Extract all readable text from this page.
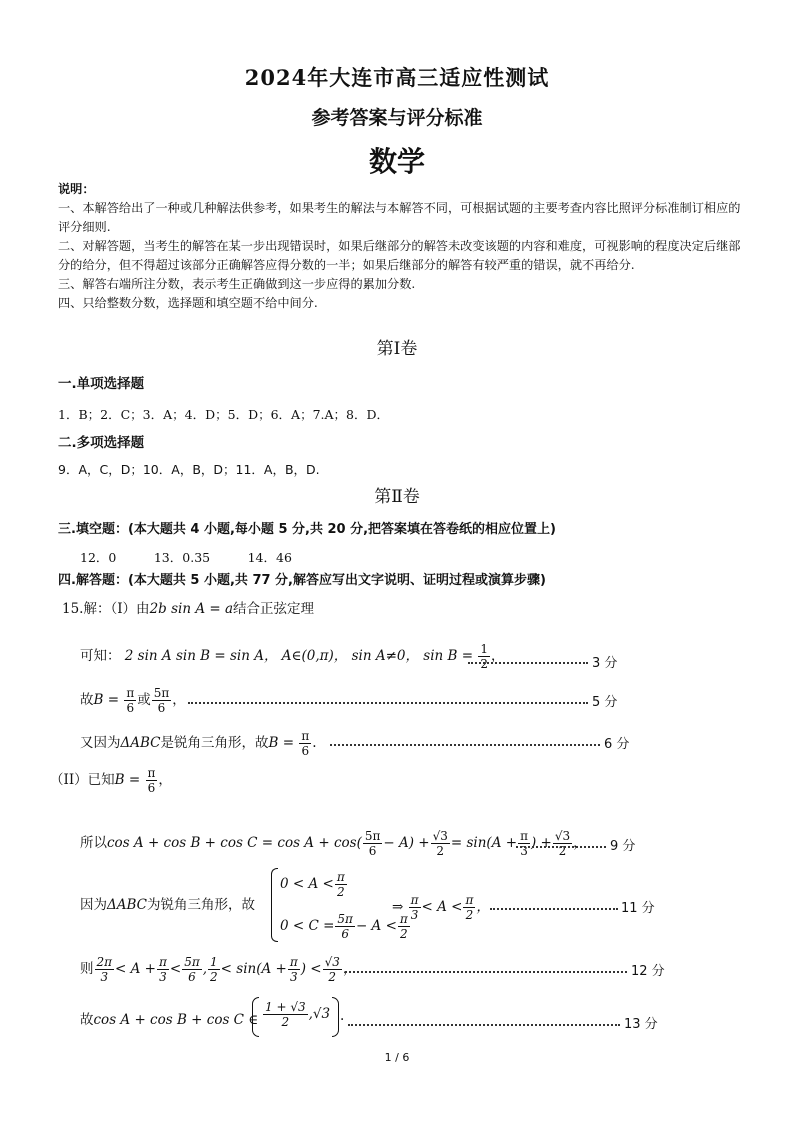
2024年大连市高三适应性测试
参考答案与评分标准
数学
说明：
一、本解答给出了一种或几种解法供参考，如果考生的解法与本解答不同，可根据试题的主要考查内容比照评分标准制订相应的评分细则.
二、对解答题，当考生的解答在某一步出现错误时，如果后继部分的解答未改变该题的内容和难度，可视影响的程度决定后继部分的给分，但不得超过该部分正确解答应得分数的一半；如果后继部分的解答有较严重的错误，就不再给分.
三、解答右端所注分数，表示考生正确做到这一步应得的累加分数.
四、只给整数分数，选择题和填空题不给中间分.
第Ⅰ卷
一.单项选择题
1．B；2．C；3．A；4．D；5．D；6．A；7.A；8．D．
二.多项选择题
9．A，C，D；10．A，B，D；11．A，B，D.
第Ⅱ卷
三.填空题：(本大题共 4 小题,每小题 5 分,共 20 分,把答案填在答卷纸的相应位置上)
12．0　　　13．0.35　　　14．46
四.解答题：(本大题共 5 小题,共 77 分,解答应写出文字说明、证明过程或演算步骤)
15.解：（I）由2b sin A = a结合正弦定理
可知： 2 sin A sin B = sin A， A∈(0,π)， sin A≠0， $\sin B = \frac{1}{2}$ ，	3 分
故$B = \frac{\pi}{6}$ 或 $\frac{5\pi}{6}$ ，	5 分
又因为ΔABC是锐角三角形，故$B = \frac{\pi}{6}$ .	6 分
（II）已知$B = \frac{\pi}{6}$ ，
所以$\cos A + \cos B + \cos C = \cos A + \cos( \frac{5\pi}{6} - A) + \frac{√3}{2} = \sin(A + \frac{\pi}{3}$ ) + $\frac{√3}{2}$ ， 9 分
因为ΔABC为锐角三角形，故
$0 < A < \frac{\pi}{2}$
$0 < C = \frac{5\pi}{6} - A < \frac{\pi}{2}$
⇒ $\frac{\pi}{3} < A < \frac{\pi}{2}$ ，	11 分
则 $\frac{2\pi}{3} < A + \frac{\pi}{3} < \frac{5\pi}{6}$ , $\frac{1}{2} < \sin(A + \frac{\pi}{3}$ ) < $\frac{√3}{2}$ ，	12 分
故cos A + cos B + cos C ∈ $\frac{1 + √3}{2} ,√3$ .
13 分
1 / 6
